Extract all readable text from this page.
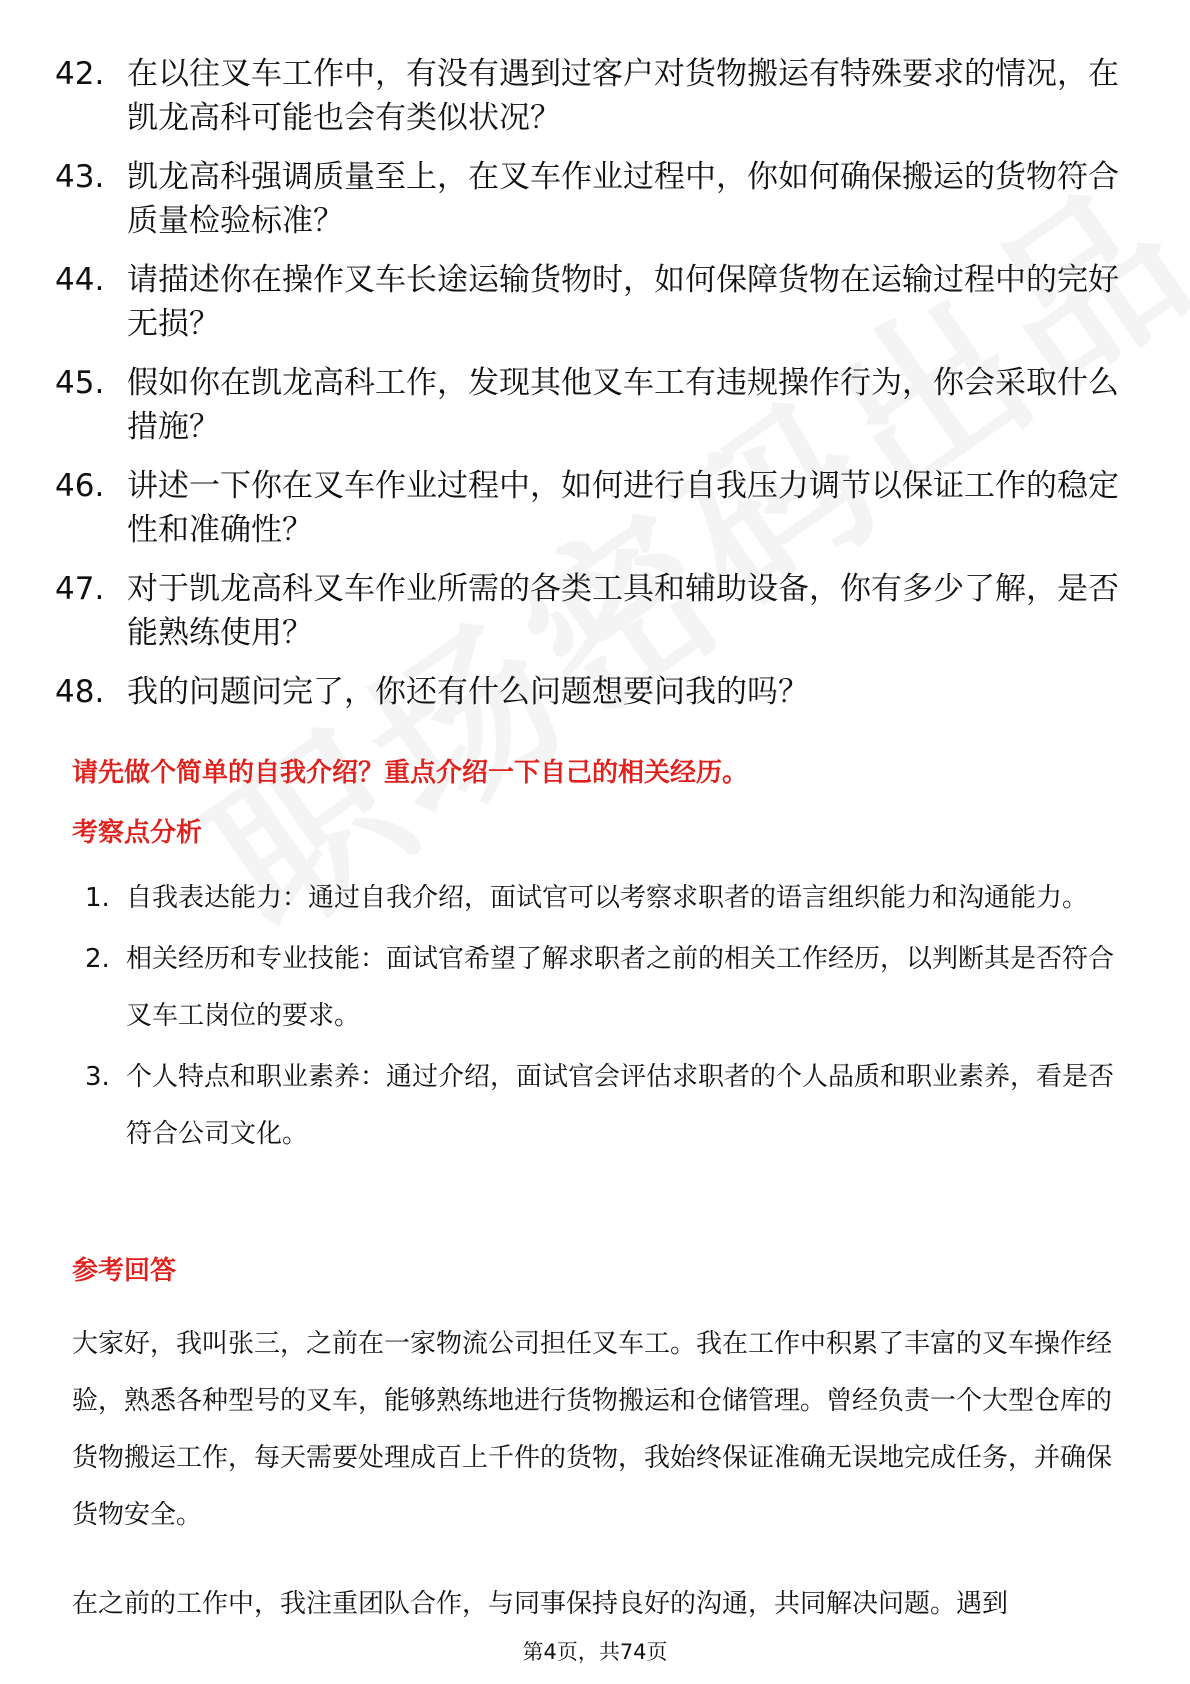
42. 在以往叉车工作中，有没有遇到过客户对货物搬运有特殊要求的情况，在凯龙高科可能也会有类似状况？
43. 凯龙高科强调质量至上，在叉车作业过程中，你如何确保搬运的货物符合质量检验标准？
44. 请描述你在操作叉车长途运输货物时，如何保障货物在运输过程中的完好无损？
45. 假如你在凯龙高科工作，发现其他叉车工有违规操作行为，你会采取什么措施？
46. 讲述一下你在叉车作业过程中，如何进行自我压力调节以保证工作的稳定性和准确性？
47. 对于凯龙高科叉车作业所需的各类工具和辅助设备，你有多少了解，是否能熟练使用？
48. 我的问题问完了，你还有什么问题想要问我的吗？
请先做个简单的自我介绍？重点介绍一下自己的相关经历。
考察点分析
1. 自我表达能力：通过自我介绍，面试官可以考察求职者的语言组织能力和沟通能力。
2. 相关经历和专业技能：面试官希望了解求职者之前的相关工作经历，以判断其是否符合叉车工岗位的要求。
3. 个人特点和职业素养：通过介绍，面试官会评估求职者的个人品质和职业素养，看是否符合公司文化。
参考回答

大家好，我叫张三，之前在一家物流公司担任叉车工。我在工作中积累了丰富的叉车操作经验，熟悉各种型号的叉车，能够熟练地进行货物搬运和仓储管理。曾经负责一个大型仓库的货物搬运工作，每天需要处理成百上千件的货物，我始终保证准确无误地完成任务，并确保货物安全。

在之前的工作中，我注重团队合作，与同事保持良好的沟通，共同解决问题。遇到

第4页，共74页
